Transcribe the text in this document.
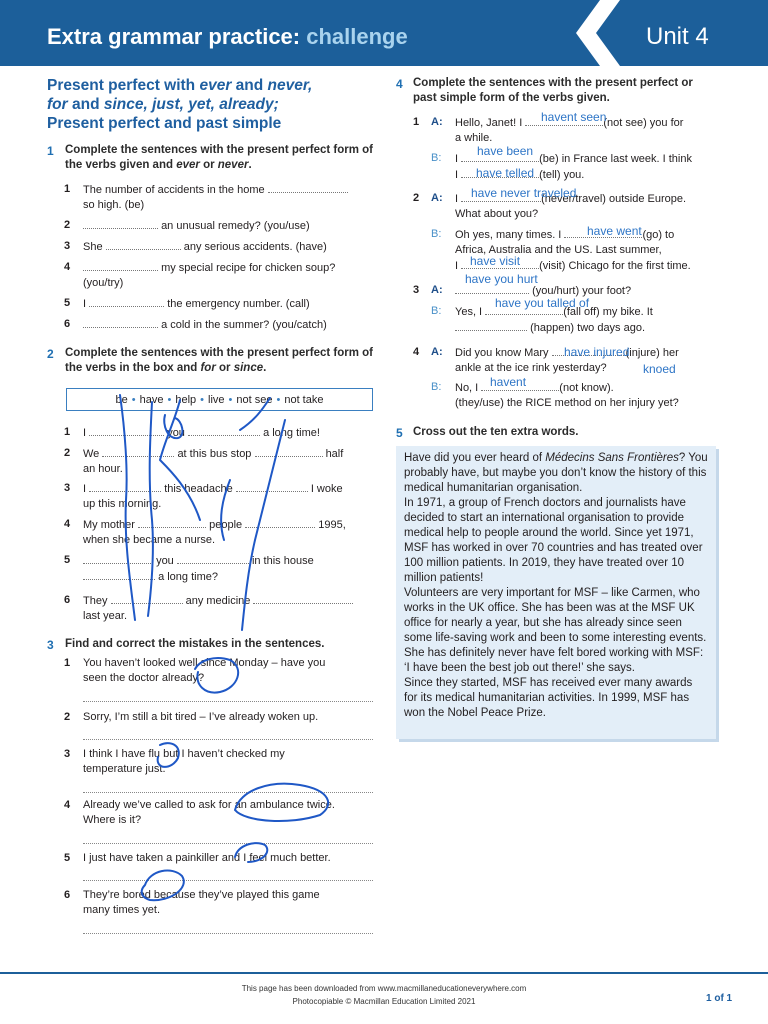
Extra grammar practice: challenge	Unit 4
Present perfect with ever and never,
for and since, just, yet, already;
Present perfect and past simple
1 Complete the sentences with the present perfect form of the verbs given and ever or never.
1 The number of accidents in the home
so high. (be)
2	an unusual remedy? (you/use)
3 She	any serious accidents. (have)
4	my special recipe for chicken soup?
(you/try)
5 I	the emergency number. (call)
6	a cold in the summer? (you/catch)
2 Complete the sentences with the present perfect form of the verbs in the box and for or since.
be • have • help • live • not see • not take
1 I	you	a long time!
2 We	at this bus stop	half
an hour.
3 I	this headache	I woke
up this morning.
4 My mother	people	1995,
when she became a nurse.
5	you	in this house
a long time?
6 They	any medicine
last year.
3 Find and correct the mistakes in the sentences.
1 You haven’t looked well since Monday – have you
seen the doctor already?
2 Sorry, I’m still a bit tired – I’ve already woken up.
3 I think I have flu but I haven’t checked my
temperature just.
4 Already we’ve called to ask for an ambulance twice.
Where is it?
5 I just have taken a painkiller and I feel much better.
6 They’re bored because they’ve played this game
many times yet.
4 Complete the sentences with the present perfect or past simple form of the verbs given.
1 A: Hello, Janet! I	(not see) you for
a while.
B: I	(be) in France last week. I think
I	(tell) you.
2 A: I	(never/travel) outside Europe.
What about you?
B: Oh yes, many times. I	(go) to
Africa, Australia and the US. Last summer,
I	(visit) Chicago for the first time.
3 A:	(you/hurt) your foot?
B: Yes, I	(fall off) my bike. It
(happen) two days ago.
4 A: Did you know Mary	(injure) her
ankle at the ice rink yesterday?
B: No, I	(not know).
(they/use) the RICE method on her injury yet?
havent seen
have been
have telled
have never traveled
have went
have visit
have you hurt
have you talled of
have injured
knoed
havent
5 Cross out the ten extra words.

Have did you ever heard of Médecins Sans Frontières? You probably have, but maybe you don’t know the history of this medical humanitarian organisation.

In 1971, a group of French doctors and journalists have decided to start an international organisation to provide medical help to people around the world. Since yet 1971, MSF has worked in over 70 countries and has treated over 100 million patients. In 2019, they have treated over 10 million patients!

Volunteers are very important for MSF – like Carmen, who works in the UK office. She has been was at the MSF UK office for nearly a year, but she has already since seen some life-saving work and been to some interesting events. She has definitely never have felt bored working with MSF: ‘I have been the best job out there!’ she says.

Since they started, MSF has received ever many awards for its medical humanitarian activities. In 1999, MSF has won the Nobel Peace Prize.

This page has been downloaded from www.macmillaneducationeverywhere.com
Photocopiable © Macmillan Education Limited 2021	1 of 1
